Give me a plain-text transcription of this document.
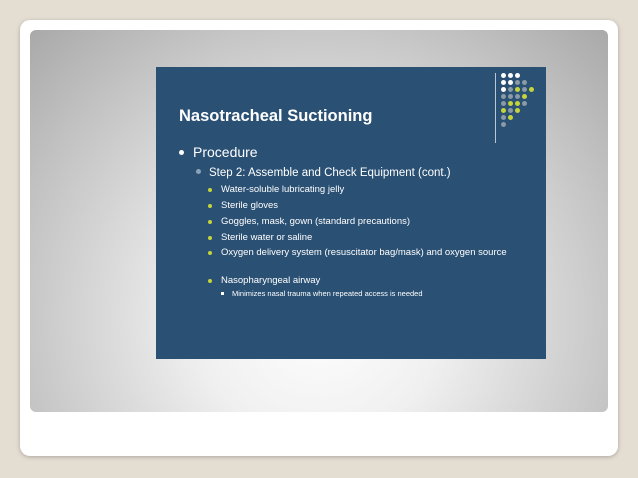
Nasotracheal Suctioning
Procedure
Step 2: Assemble and Check Equipment (cont.)
Water-soluble lubricating jelly
Sterile gloves
Goggles, mask, gown (standard precautions)
Sterile water or saline
Oxygen delivery system (resuscitator bag/mask) and oxygen source
Nasopharyngeal airway
Minimizes nasal trauma when repeated access is needed
